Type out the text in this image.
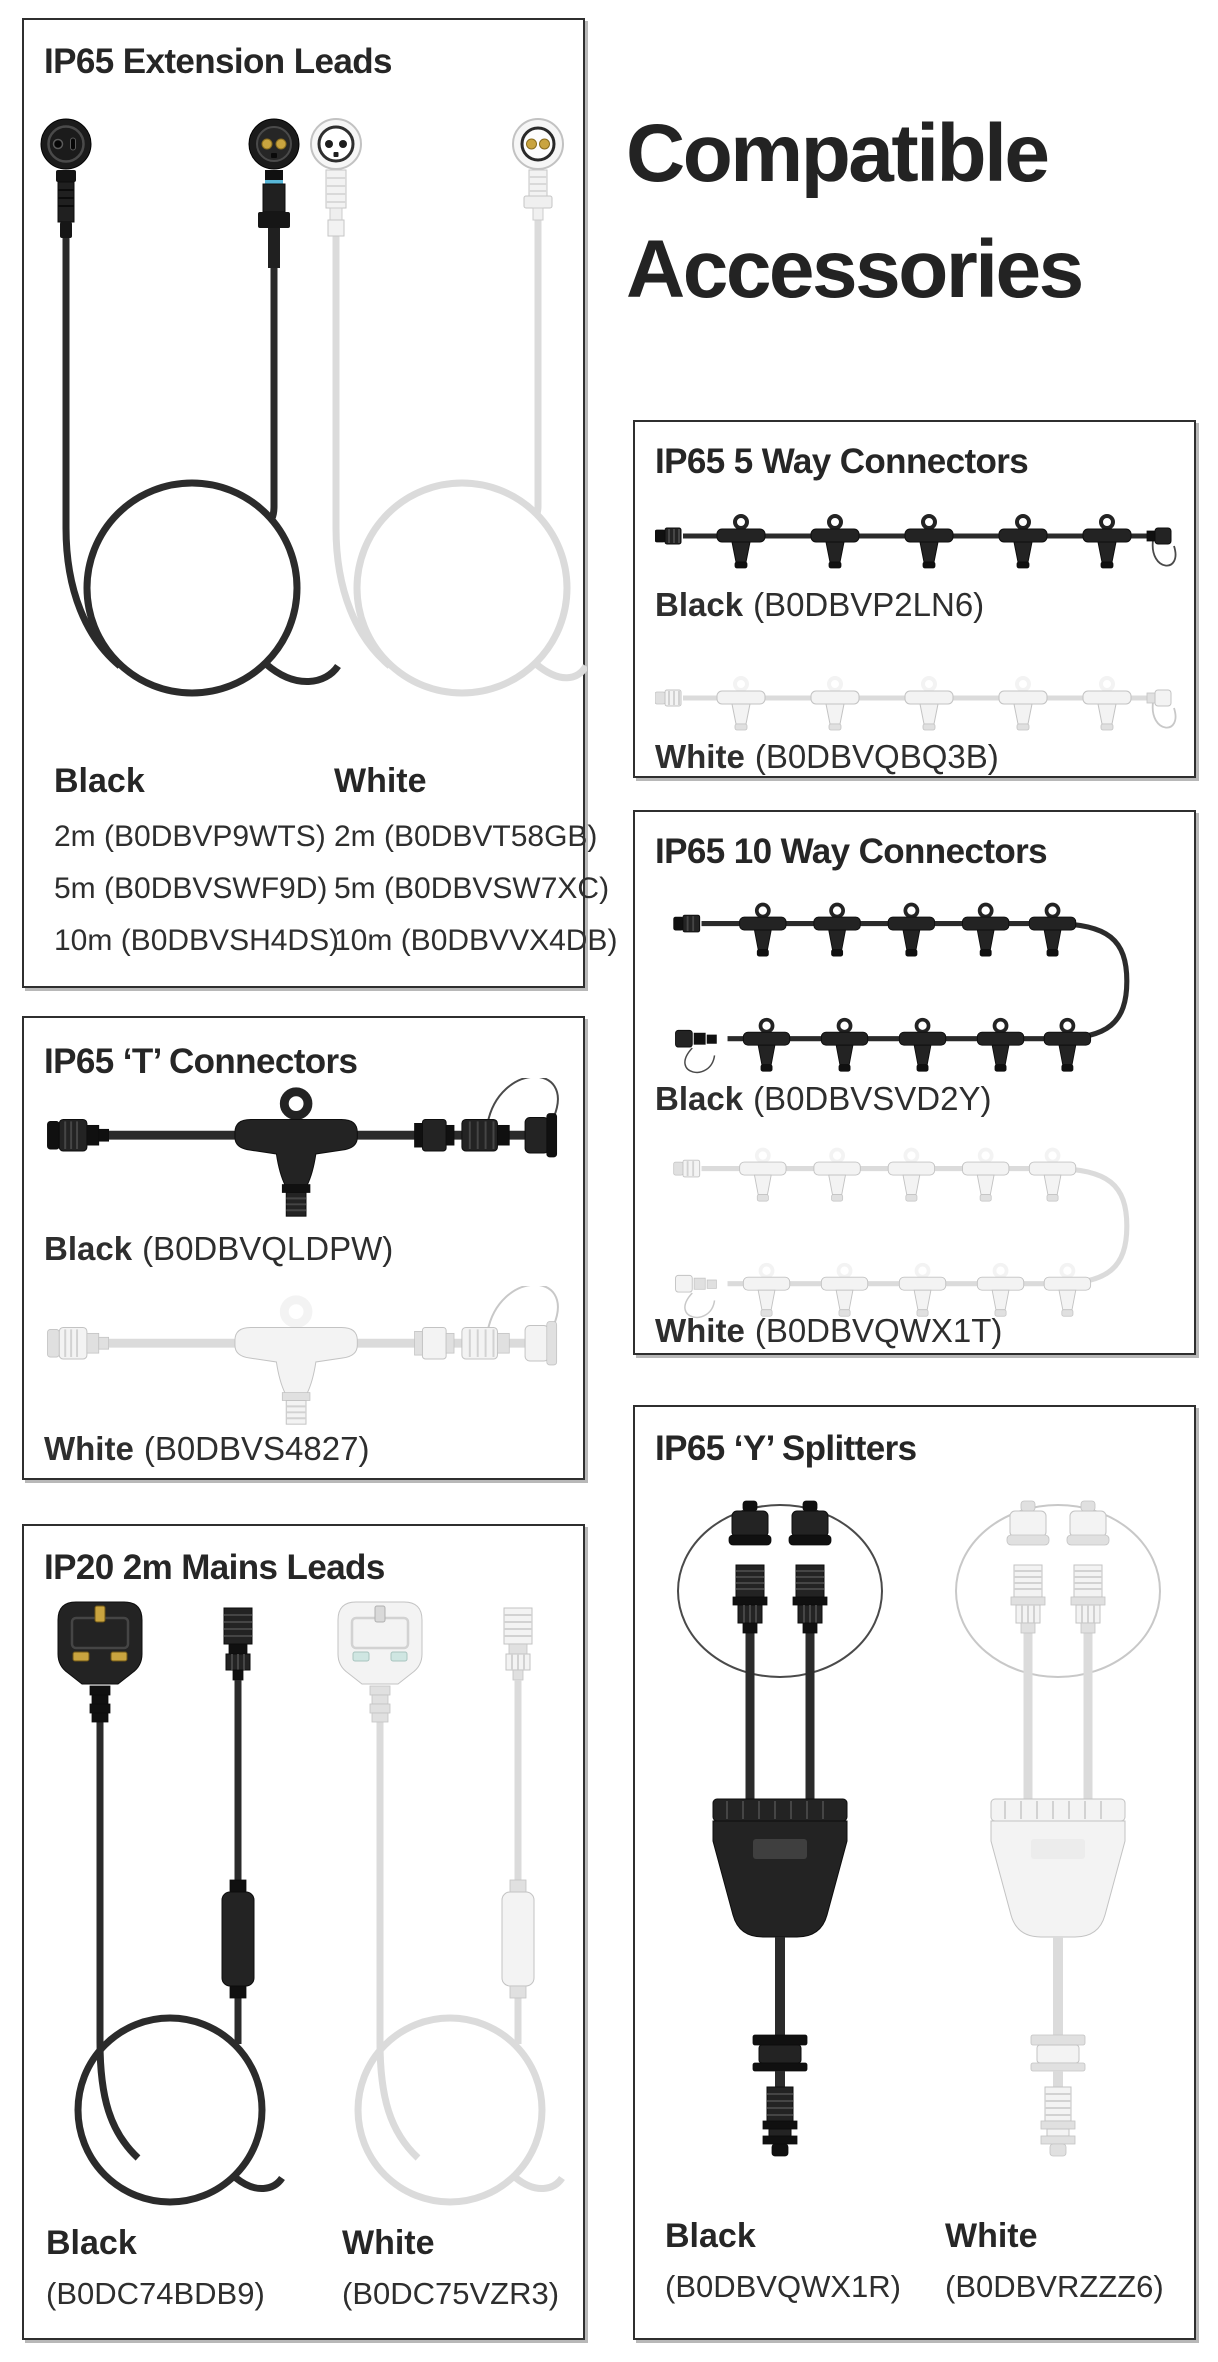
Compatible
Accessories
IP65 Extension Leads
Black	White
2m (B0DBVP9WTS)
5m (B0DBVSWF9D)
10m (B0DBVSH4DS)
2m (B0DBVT58GB)
5m (B0DBVSW7XC)
10m (B0DBVVX4DB)
IP65 ‘T’ Connectors
Black (B0DBVQLDPW)
White (B0DBVS4827)
IP20 2m Mains Leads
Black
(B0DC74BDB9)
White
(B0DC75VZR3)
IP65 5 Way Connectors
Black (B0DBVP2LN6)
White (B0DBVQBQ3B)
IP65 10 Way Connectors
Black (B0DBVSVD2Y)
White (B0DBVQWX1T)
IP65 ‘Y’ Splitters
Black
(B0DBVQWX1R)
White
(B0DBVRZZZ6)
